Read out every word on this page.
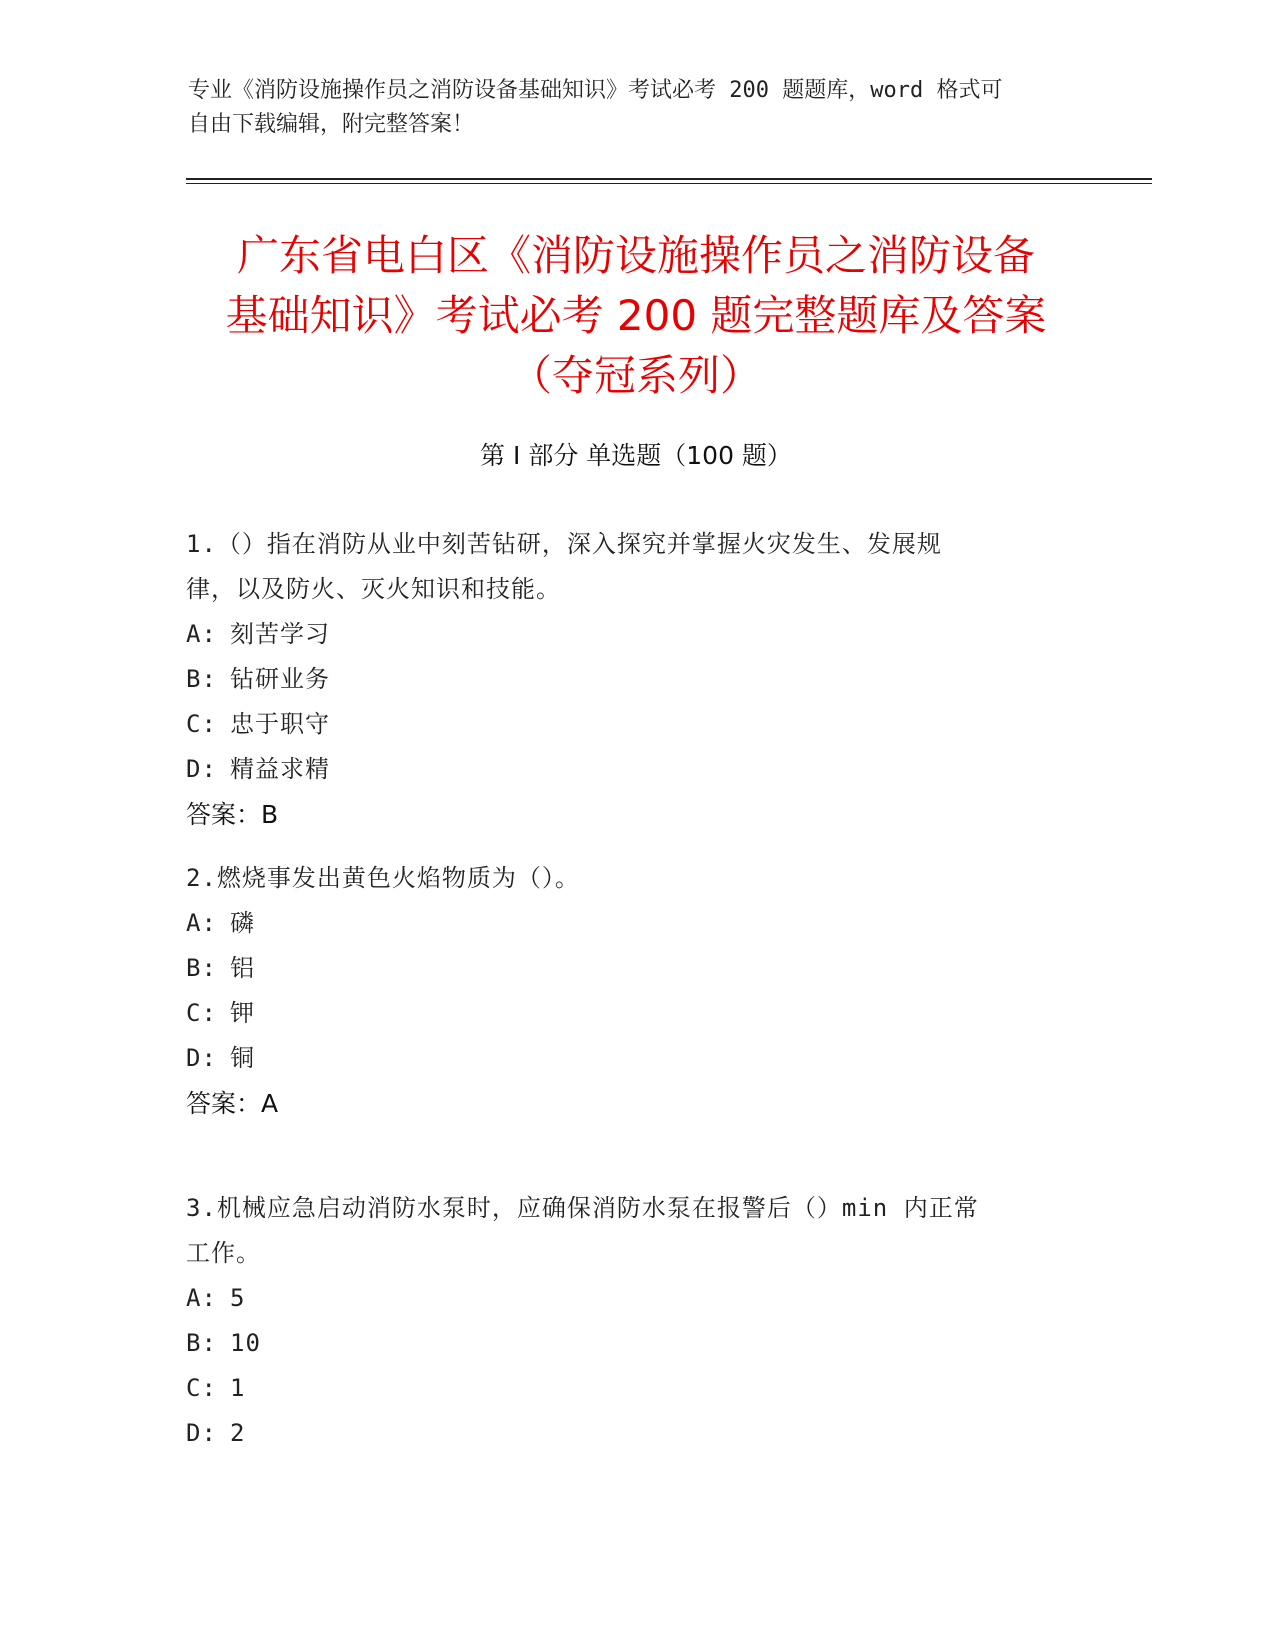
专业《消防设施操作员之消防设备基础知识》考试必考 200 题题库，word 格式可
自由下载编辑，附完整答案！
广东省电白区《消防设施操作员之消防设备
基础知识》考试必考 200 题完整题库及答案
（夺冠系列）
第 I 部分 单选题（100 题）
1.（）指在消防从业中刻苦钻研，深入探究并掌握火灾发生、发展规
律，以及防火、灭火知识和技能。
A: 刻苦学习
B: 钻研业务
C: 忠于职守
D: 精益求精
答案：B
2.燃烧事发出黄色火焰物质为（）。
A: 磷
B: 铝
C: 钾
D: 铜
答案：A
3.机械应急启动消防水泵时，应确保消防水泵在报警后（）min 内正常
工作。
A: 5
B: 10
C: 1
D: 2
